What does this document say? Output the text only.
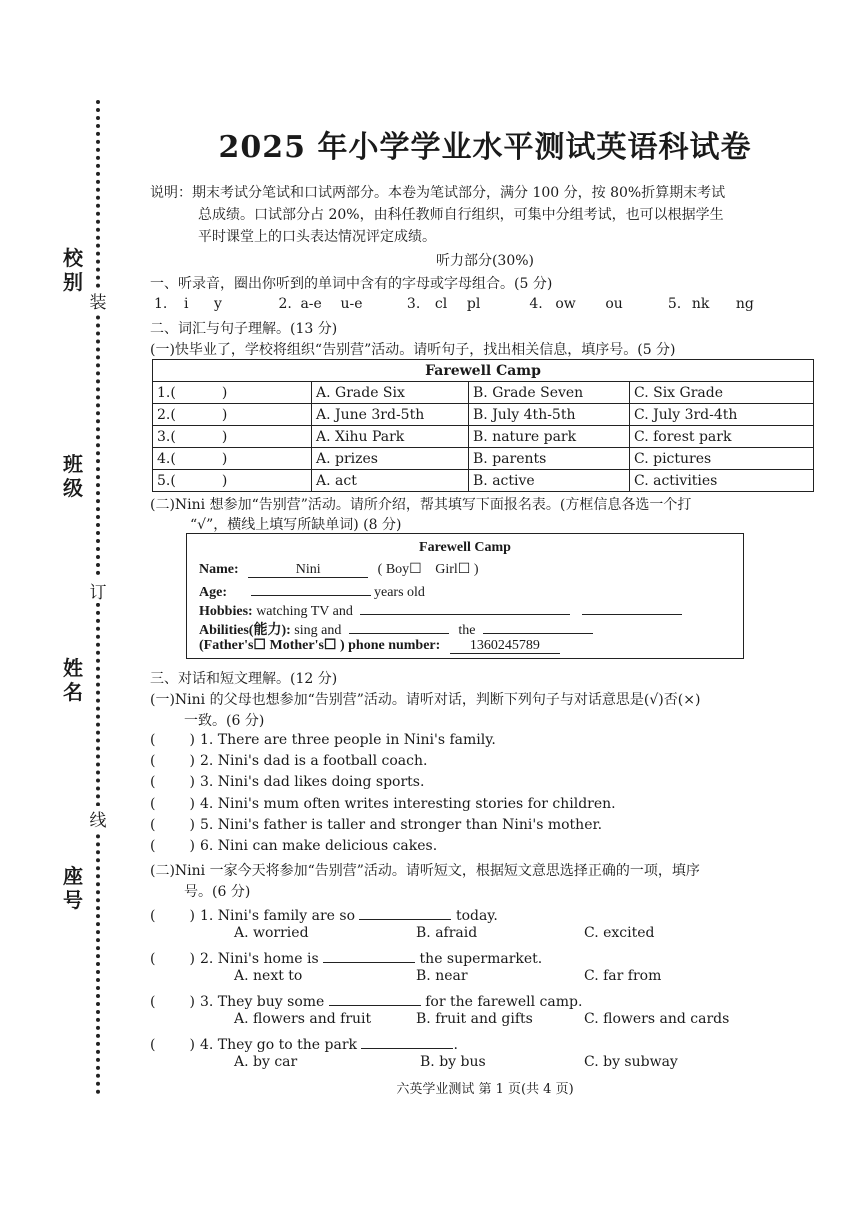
校别
班级
姓名
座号
装
订
线
2025 年小学学业水平测试英语科试卷
说明：期末考试分笔试和口试两部分。本卷为笔试部分，满分 100 分，按 80%折算期末考试
总成绩。口试部分占 20%，由科任教师自行组织，可集中分组考试，也可以根据学生
平时课堂上的口头表达情况评定成绩。
听力部分(30%)
一、听录音，圈出你听到的单词中含有的字母或字母组合。(5 分)
1. i y	2. a-e u-e	3. cl pl	4. ow ou	5. nk ng
二、词汇与句子理解。(13 分)
(一)快毕业了，学校将组织“告别营”活动。请听句子，找出相关信息，填序号。(5 分)
Farewell Camp			
1.( )	A. Grade Six	B. Grade Seven	C. Six Grade
2.( )	A. June 3rd-5th	B. July 4th-5th	C. July 3rd-4th
3.( )	A. Xihu Park	B. nature park	C. forest park
4.( )	A. prizes	B. parents	C. pictures
5.( )	A. act	B. active	C. activities
(二)Nini 想参加“告别营”活动。请所介绍，帮其填写下面报名表。(方框信息各选一个打
“√”，横线上填写所缺单词) (8 分)
Farewell Camp
Name:	Nini	( Boy☐ Girl☐ )
Age:	years old
Hobbies: watching TV and
Abilities(能力): sing and	the
(Father's☐ Mother's☐ ) phone number: 1360245789
三、对话和短文理解。(12 分)
(一)Nini 的父母也想参加“告别营”活动。请听对话，判断下列句子与对话意思是(√)否(×)
一致。(6 分)
( ) 1. There are three people in Nini's family.
( ) 2. Nini's dad is a football coach.
( ) 3. Nini's dad likes doing sports.
( ) 4. Nini's mum often writes interesting stories for children.
( ) 5. Nini's father is taller and stronger than Nini's mother.
( ) 6. Nini can make delicious cakes.
(二)Nini 一家今天将参加“告别营”活动。请听短文，根据短文意思选择正确的一项，填序
号。(6 分)
( ) 1. Nini's family are so	today.
A. worried	B. afraid	C. excited
( ) 2. Nini's home is	the supermarket.
A. next to	B. near	C. far from
( ) 3. They buy some	for the farewell camp.
A. flowers and fruit	B. fruit and gifts	C. flowers and cards
( ) 4. They go to the park	.
A. by car	B. by bus	C. by subway
六英学业测试 第 1 页(共 4 页)
